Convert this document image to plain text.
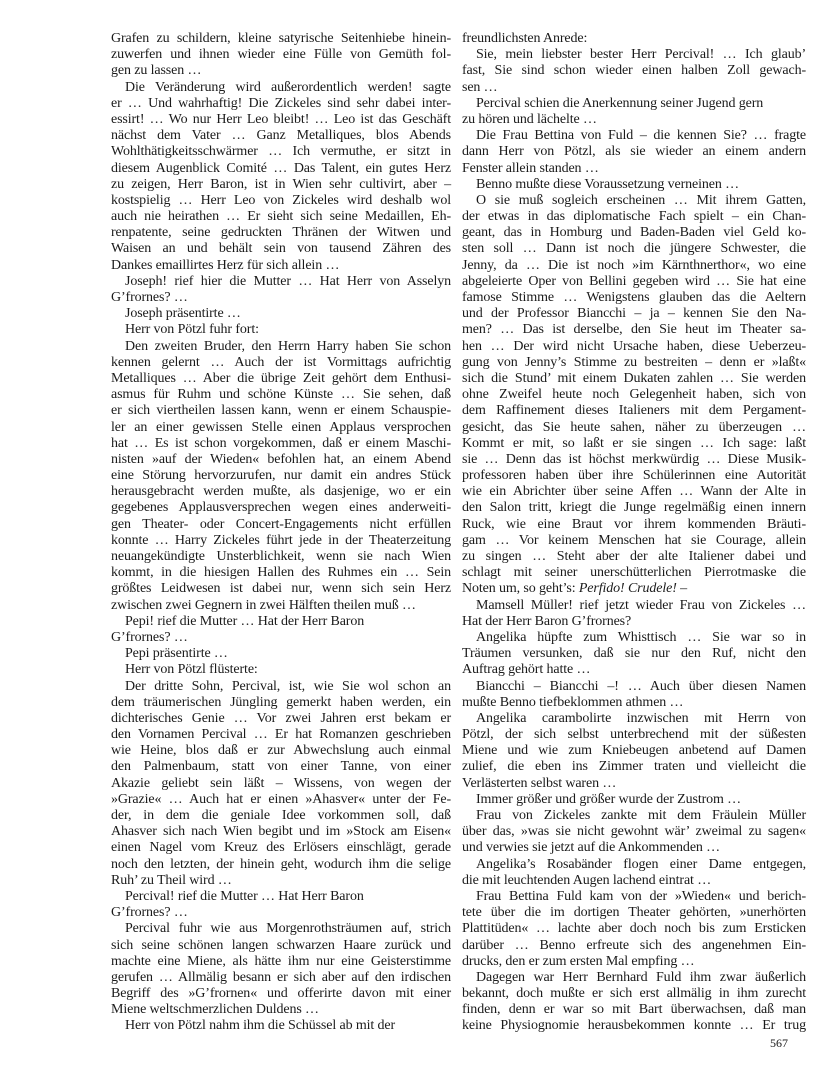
Grafen zu schildern, kleine satyrische Seitenhiebe hinein-
zuwerfen und ihnen wieder eine Fülle von Gemüth fol-
gen zu lassen …
Die Veränderung wird außerordentlich werden! sagte
er … Und wahrhaftig! Die Zickeles sind sehr dabei inter-
essirt! … Wo nur Herr Leo bleibt! … Leo ist das Geschäft
nächst dem Vater … Ganz Metalliques, blos Abends
Wohlthätigkeitsschwärmer … Ich vermuthe, er sitzt in
diesem Augenblick Comité … Das Talent, ein gutes Herz
zu zeigen, Herr Baron, ist in Wien sehr cultivirt, aber –
kostspielig … Herr Leo von Zickeles wird deshalb wol
auch nie heirathen … Er sieht sich seine Medaillen, Eh-
renpatente, seine gedruckten Thränen der Witwen und
Waisen an und behält sein von tausend Zähren des
Dankes emaillirtes Herz für sich allein …
Joseph! rief hier die Mutter … Hat Herr von Asselyn
G’frornes? …
Joseph präsentirte …
Herr von Pötzl fuhr fort:
Den zweiten Bruder, den Herrn Harry haben Sie schon
kennen gelernt … Auch der ist Vormittags aufrichtig
Metalliques … Aber die übrige Zeit gehört dem Enthusi-
asmus für Ruhm und schöne Künste … Sie sehen, daß
er sich viertheilen lassen kann, wenn er einem Schauspie-
ler an einer gewissen Stelle einen Applaus versprochen
hat … Es ist schon vorgekommen, daß er einem Maschi-
nisten »auf der Wieden« befohlen hat, an einem Abend
eine Störung hervorzurufen, nur damit ein andres Stück
herausgebracht werden mußte, als dasjenige, wo er ein
gegebenes Applausversprechen wegen eines anderweiti-
gen Theater- oder Concert-Engagements nicht erfüllen
konnte … Harry Zickeles führt jede in der Theaterzeitung
neuangekündigte Unsterblichkeit, wenn sie nach Wien
kommt, in die hiesigen Hallen des Ruhmes ein … Sein
größtes Leidwesen ist dabei nur, wenn sich sein Herz
zwischen zwei Gegnern in zwei Hälften theilen muß …
Pepi! rief die Mutter … Hat der Herr Baron
G’frornes? …
Pepi präsentirte …
Herr von Pötzl flüsterte:
Der dritte Sohn, Percival, ist, wie Sie wol schon an
dem träumerischen Jüngling gemerkt haben werden, ein
dichterisches Genie … Vor zwei Jahren erst bekam er
den Vornamen Percival … Er hat Romanzen geschrieben
wie Heine, blos daß er zur Abwechslung auch einmal
den Palmenbaum, statt von einer Tanne, von einer
Akazie geliebt sein läßt – Wissens, von wegen der
»Grazie« … Auch hat er einen »Ahasver« unter der Fe-
der, in dem die geniale Idee vorkommen soll, daß
Ahasver sich nach Wien begibt und im »Stock am Eisen«
einen Nagel vom Kreuz des Erlösers einschlägt, gerade
noch den letzten, der hinein geht, wodurch ihm die selige
Ruh’ zu Theil wird …
Percival! rief die Mutter … Hat Herr Baron
G’frornes? …
Percival fuhr wie aus Morgenrothsträumen auf, strich
sich seine schönen langen schwarzen Haare zurück und
machte eine Miene, als hätte ihm nur eine Geisterstimme
gerufen … Allmälig besann er sich aber auf den irdischen
Begriff des »G’frornen« und offerirte davon mit einer
Miene weltschmerzlichen Duldens …
Herr von Pötzl nahm ihm die Schüssel ab mit der
freundlichsten Anrede:
Sie, mein liebster bester Herr Percival! … Ich glaub’
fast, Sie sind schon wieder einen halben Zoll gewach-
sen …
Percival schien die Anerkennung seiner Jugend gern
zu hören und lächelte …
Die Frau Bettina von Fuld – die kennen Sie? … fragte
dann Herr von Pötzl, als sie wieder an einem andern
Fenster allein standen …
Benno mußte diese Voraussetzung verneinen …
O sie muß sogleich erscheinen … Mit ihrem Gatten,
der etwas in das diplomatische Fach spielt – ein Chan-
geant, das in Homburg und Baden-Baden viel Geld ko-
sten soll … Dann ist noch die jüngere Schwester, die
Jenny, da … Die ist noch »im Kärnthnerthor«, wo eine
abgeleierte Oper von Bellini gegeben wird … Sie hat eine
famose Stimme … Wenigstens glauben das die Aeltern
und der Professor Biancchi – ja – kennen Sie den Na-
men? … Das ist derselbe, den Sie heut im Theater sa-
hen … Der wird nicht Ursache haben, diese Ueberzeu-
gung von Jenny’s Stimme zu bestreiten – denn er »laßt«
sich die Stund’ mit einem Dukaten zahlen … Sie werden
ohne Zweifel heute noch Gelegenheit haben, sich von
dem Raffinement dieses Italieners mit dem Pergament-
gesicht, das Sie heute sahen, näher zu überzeugen …
Kommt er mit, so laßt er sie singen … Ich sage: laßt
sie … Denn das ist höchst merkwürdig … Diese Musik-
professoren haben über ihre Schülerinnen eine Autorität
wie ein Abrichter über seine Affen … Wann der Alte in
den Salon tritt, kriegt die Junge regelmäßig einen innern
Ruck, wie eine Braut vor ihrem kommenden Bräuti-
gam … Vor keinem Menschen hat sie Courage, allein
zu singen … Steht aber der alte Italiener dabei und
schlagt mit seiner unerschütterlichen Pierrotmaske die
Noten um, so geht’s: Perfido! Crudele! –
Mamsell Müller! rief jetzt wieder Frau von Zickeles …
Hat der Herr Baron G’frornes?
Angelika hüpfte zum Whisttisch … Sie war so in
Träumen versunken, daß sie nur den Ruf, nicht den
Auftrag gehört hatte …
Biancchi – Biancchi –! … Auch über diesen Namen
mußte Benno tiefbeklommen athmen …
Angelika carambolirte inzwischen mit Herrn von
Pötzl, der sich selbst unterbrechend mit der süßesten
Miene und wie zum Kniebeugen anbetend auf Damen
zulief, die eben ins Zimmer traten und vielleicht die
Verlästerten selbst waren …
Immer größer und größer wurde der Zustrom …
Frau von Zickeles zankte mit dem Fräulein Müller
über das, »was sie nicht gewohnt wär’ zweimal zu sagen«
und verwies sie jetzt auf die Ankommenden …
Angelika’s Rosabänder flogen einer Dame entgegen,
die mit leuchtenden Augen lachend eintrat …
Frau Bettina Fuld kam von der »Wieden« und berich-
tete über die im dortigen Theater gehörten, »unerhörten
Plattitüden« … lachte aber doch noch bis zum Ersticken
darüber … Benno erfreute sich des angenehmen Ein-
drucks, den er zum ersten Mal empfing …
Dagegen war Herr Bernhard Fuld ihm zwar äußerlich
bekannt, doch mußte er sich erst allmälig in ihm zurecht
finden, denn er war so mit Bart überwachsen, daß man
keine Physiognomie herausbekommen konnte … Er trug
567
